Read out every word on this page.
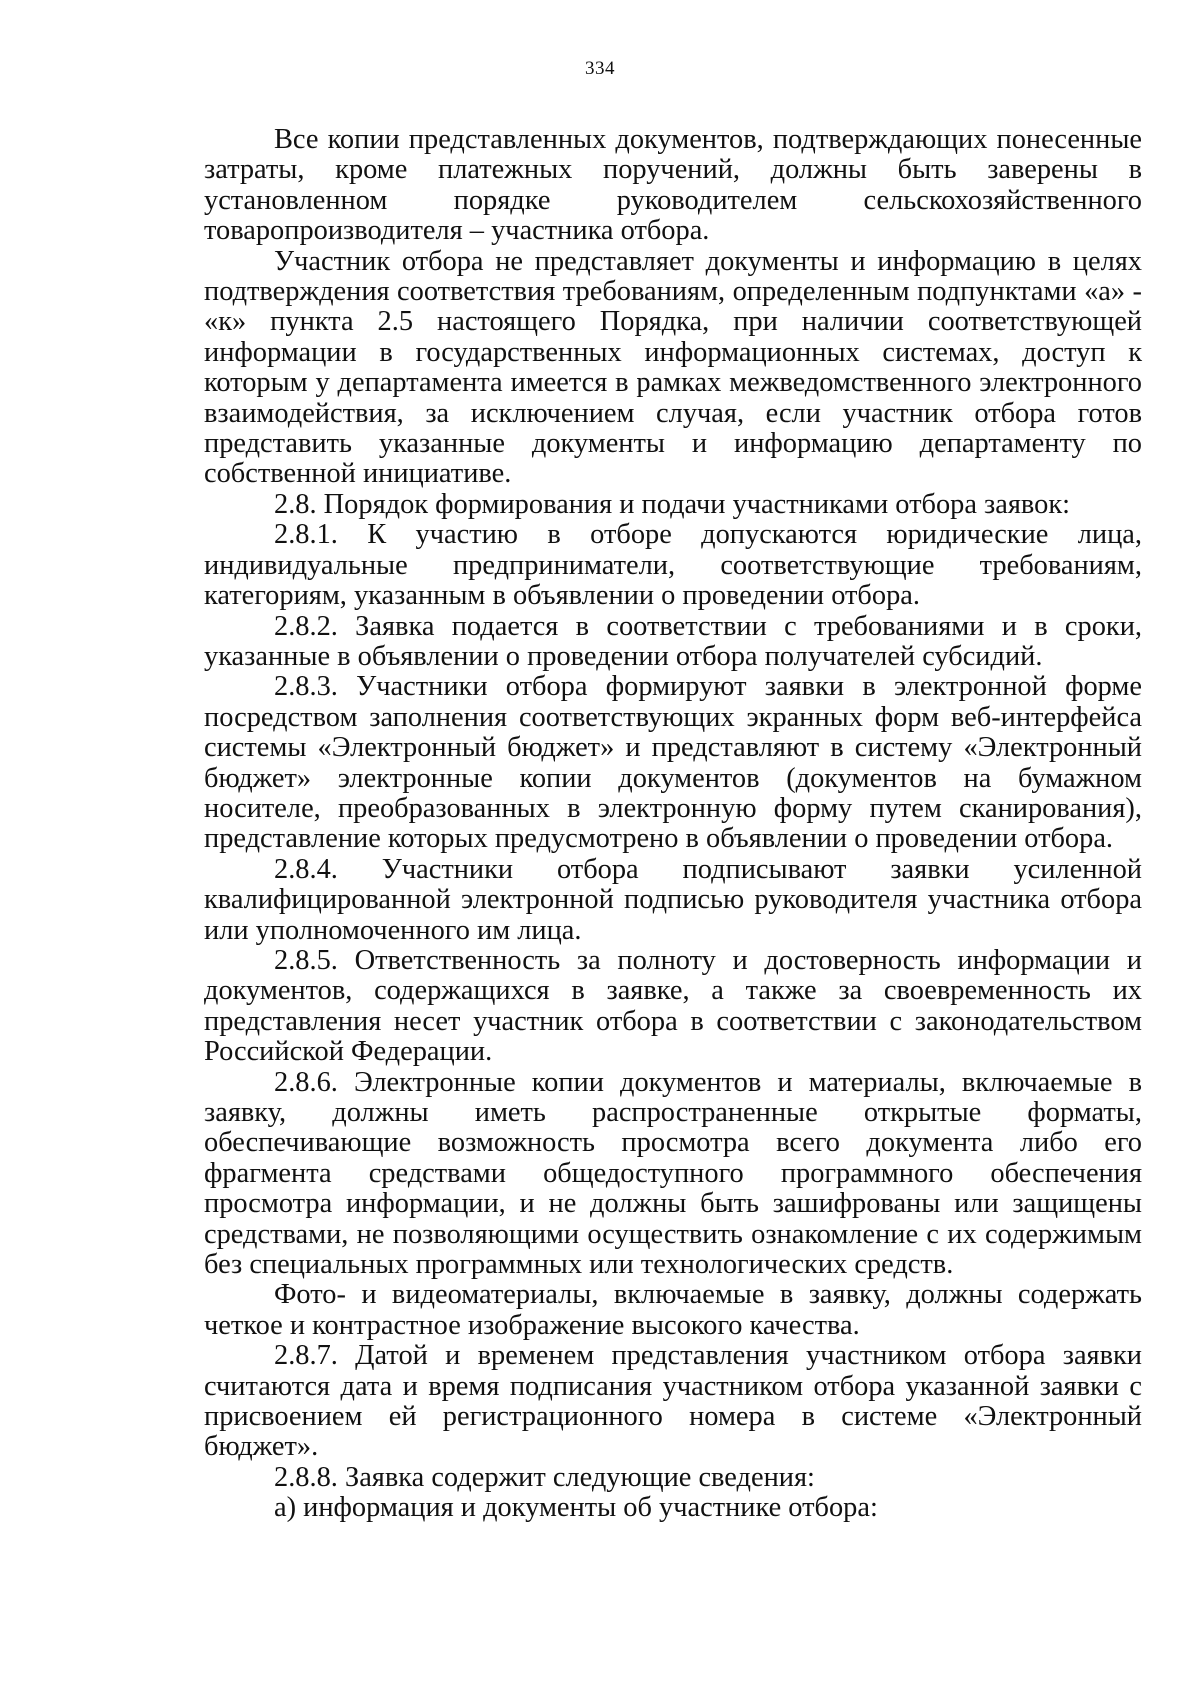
334

Все копии представленных документов, подтверждающих понесенные затраты, кроме платежных поручений, должны быть заверены в установленном порядке руководителем сельскохозяйственного товаропроизводителя – участника отбора.

Участник отбора не представляет документы и информацию в целях подтверждения соответствия требованиям, определенным подпунктами «а» - «к» пункта 2.5 настоящего Порядка, при наличии соответствующей информации в государственных информационных системах, доступ к которым у департамента имеется в рамках межведомственного электронного взаимодействия, за исключением случая, если участник отбора готов представить указанные документы и информацию департаменту по собственной инициативе.

2.8. Порядок формирования и подачи участниками отбора заявок:

2.8.1. К участию в отборе допускаются юридические лица, индивидуальные предприниматели, соответствующие требованиям, категориям, указанным в объявлении о проведении отбора.

2.8.2. Заявка подается в соответствии с требованиями и в сроки, указанные в объявлении о проведении отбора получателей субсидий.

2.8.3. Участники отбора формируют заявки в электронной форме посредством заполнения соответствующих экранных форм веб-интерфейса системы «Электронный бюджет» и представляют в систему «Электронный бюджет» электронные копии документов (документов на бумажном носителе, преобразованных в электронную форму путем сканирования), представление которых предусмотрено в объявлении о проведении отбора.

2.8.4. Участники отбора подписывают заявки усиленной квалифицированной электронной подписью руководителя участника отбора или уполномоченного им лица.

2.8.5. Ответственность за полноту и достоверность информации и документов, содержащихся в заявке, а также за своевременность их представления несет участник отбора в соответствии с законодательством Российской Федерации.

2.8.6. Электронные копии документов и материалы, включаемые в заявку, должны иметь распространенные открытые форматы, обеспечивающие возможность просмотра всего документа либо его фрагмента средствами общедоступного программного обеспечения просмотра информации, и не должны быть зашифрованы или защищены средствами, не позволяющими осуществить ознакомление с их содержимым без специальных программных или технологических средств.

Фото- и видеоматериалы, включаемые в заявку, должны содержать четкое и контрастное изображение высокого качества.

2.8.7. Датой и временем представления участником отбора заявки считаются дата и время подписания участником отбора указанной заявки с присвоением ей регистрационного номера в системе «Электронный бюджет».

2.8.8. Заявка содержит следующие сведения:

а) информация и документы об участнике отбора:
